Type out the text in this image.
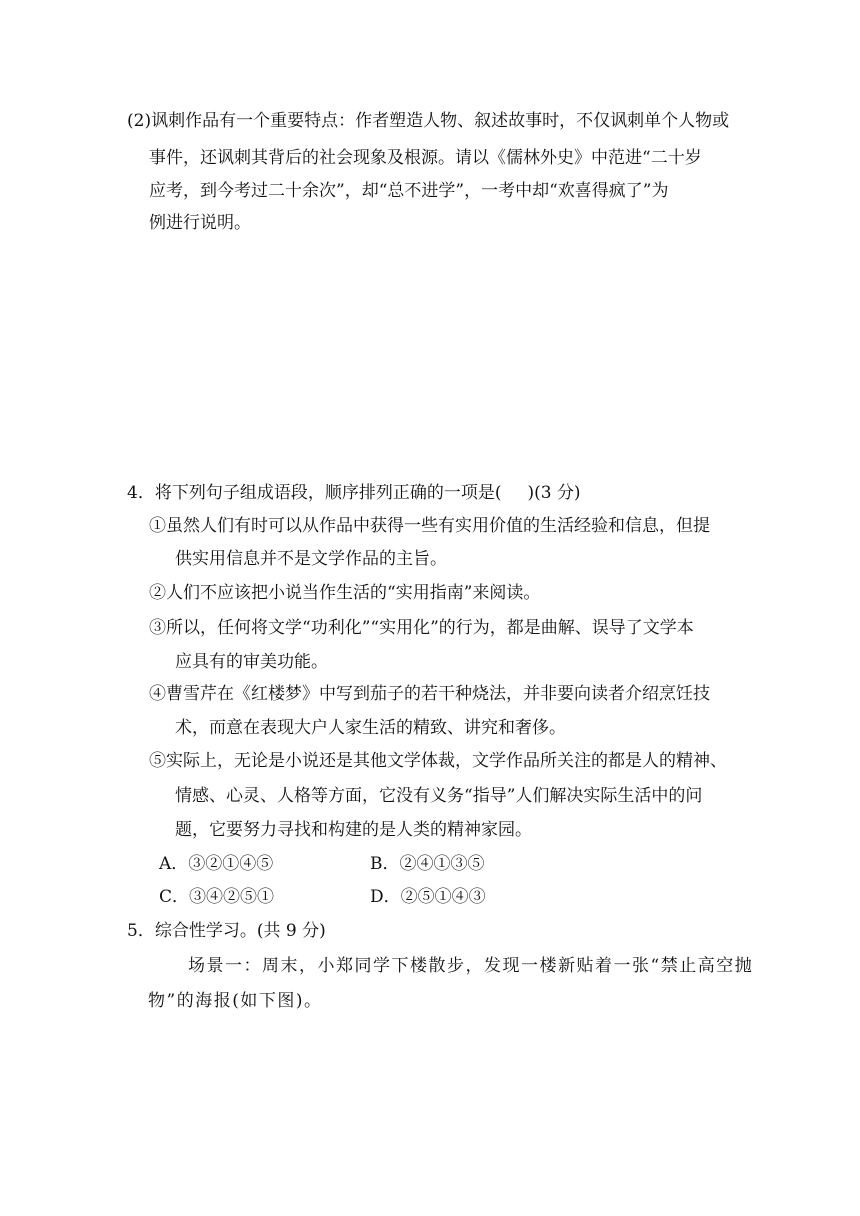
(2)讽刺作品有一个重要特点：作者塑造人物、叙述故事时，不仅讽刺单个人物或
事件，还讽刺其背后的社会现象及根源。请以《儒林外史》中范进“二十岁
应考，到今考过二十余次”，却“总不进学”，一考中却“欢喜得疯了”为
例进行说明。
4．将下列句子组成语段，顺序排列正确的一项是( )(3 分)
①虽然人们有时可以从作品中获得一些有实用价值的生活经验和信息，但提
供实用信息并不是文学作品的主旨。
②人们不应该把小说当作生活的“实用指南”来阅读。
③所以，任何将文学“功利化”“实用化”的行为，都是曲解、误导了文学本
应具有的审美功能。
④曹雪芹在《红楼梦》中写到茄子的若干种烧法，并非要向读者介绍烹饪技
术，而意在表现大户人家生活的精致、讲究和奢侈。
⑤实际上，无论是小说还是其他文学体裁，文学作品所关注的都是人的精神、
情感、心灵、人格等方面，它没有义务“指导”人们解决实际生活中的问
题，它要努力寻找和构建的是人类的精神家园。
A．③②①④⑤	B．②④①③⑤
C．③④②⑤①	D．②⑤①④③
5．综合性学习。(共 9 分)
场景一：周末，小郑同学下楼散步，发现一楼新贴着一张“禁止高空抛
物”的海报(如下图)。
